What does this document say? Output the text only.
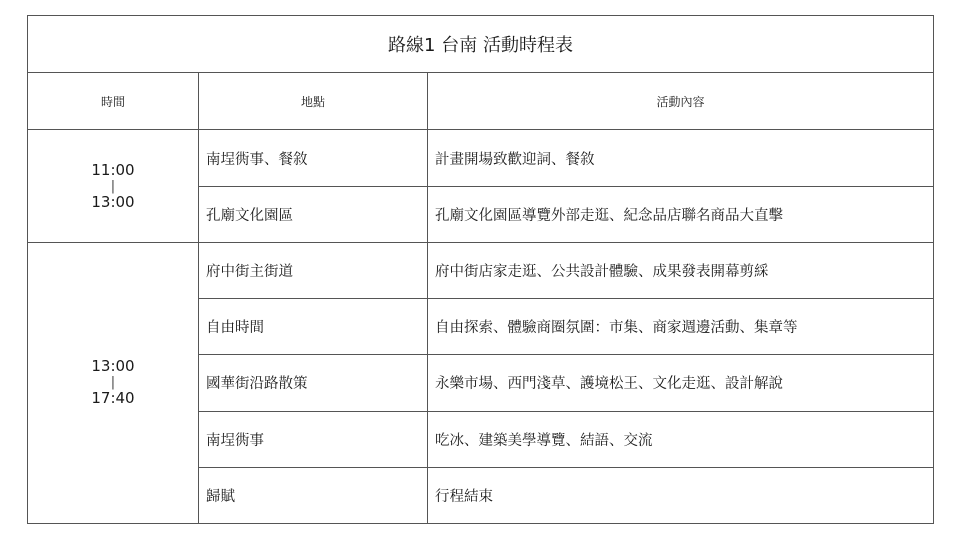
路線1 台南 活動時程表		
時間	地點	活動內容
11:00
|
13:00	南埕衖事、餐敘	計畫開場致歡迎詞、餐敘
	孔廟文化園區	孔廟文化園區導覽外部走逛、紀念品店聯名商品大直擊
13:00
|
17:40	府中街主街道	府中街店家走逛、公共設計體驗、成果發表開幕剪綵
	自由時間	自由探索、體驗商圈氛圍：市集、商家週邊活動、集章等
	國華街沿路散策	永樂市場、西門淺草、護境松王、文化走逛、設計解說
	南埕衖事	吃冰、建築美學導覽、結語、交流
	歸賦	行程結束
